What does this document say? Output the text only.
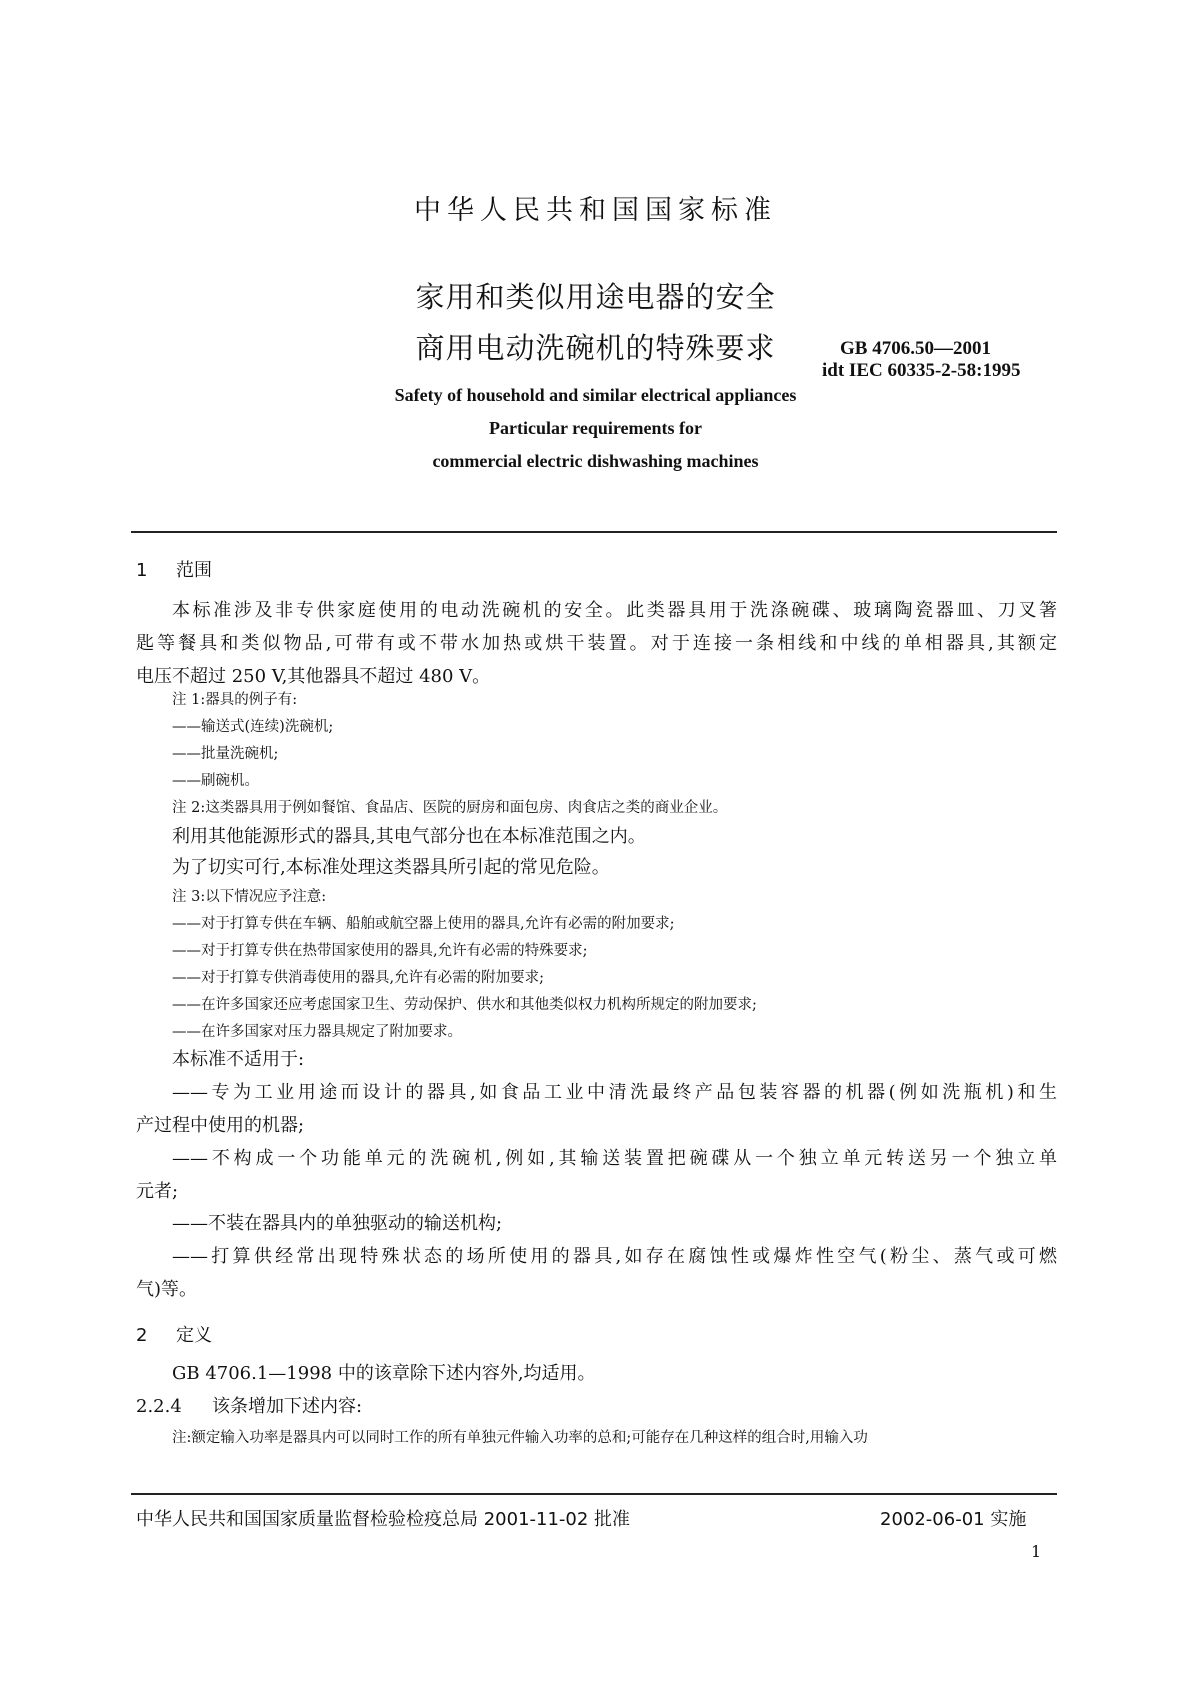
中华人民共和国国家标准
家用和类似用途电器的安全
商用电动洗碗机的特殊要求	GB 4706.50—2001
idt IEC 60335-2-58:1995
Safety of household and similar electrical appliances
Particular requirements for
commercial electric dishwashing machines
1 范围
本标准涉及非专供家庭使用的电动洗碗机的安全。此类器具用于洗涤碗碟、玻璃陶瓷器皿、刀叉箸
匙等餐具和类似物品,可带有或不带水加热或烘干装置。对于连接一条相线和中线的单相器具,其额定
电压不超过 250 V,其他器具不超过 480 V。
注 1:器具的例子有:
——输送式(连续)洗碗机;
——批量洗碗机;
——刷碗机。
注 2:这类器具用于例如餐馆、食品店、医院的厨房和面包房、肉食店之类的商业企业。
利用其他能源形式的器具,其电气部分也在本标准范围之内。
为了切实可行,本标准处理这类器具所引起的常见危险。
注 3:以下情况应予注意:
——对于打算专供在车辆、船舶或航空器上使用的器具,允许有必需的附加要求;
——对于打算专供在热带国家使用的器具,允许有必需的特殊要求;
——对于打算专供消毒使用的器具,允许有必需的附加要求;
——在许多国家还应考虑国家卫生、劳动保护、供水和其他类似权力机构所规定的附加要求;
——在许多国家对压力器具规定了附加要求。
本标准不适用于:
——专为工业用途而设计的器具,如食品工业中清洗最终产品包装容器的机器(例如洗瓶机)和生
产过程中使用的机器;
——不构成一个功能单元的洗碗机,例如,其输送装置把碗碟从一个独立单元转送另一个独立单
元者;
——不装在器具内的单独驱动的输送机构;
——打算供经常出现特殊状态的场所使用的器具,如存在腐蚀性或爆炸性空气(粉尘、蒸气或可燃
气)等。
2 定义
GB 4706.1—1998 中的该章除下述内容外,均适用。
2.2.4 该条增加下述内容:
注:额定输入功率是器具内可以同时工作的所有单独元件输入功率的总和;可能存在几种这样的组合时,用输入功
中华人民共和国国家质量监督检验检疫总局 2001-11-02 批准	2002-06-01 实施
1
